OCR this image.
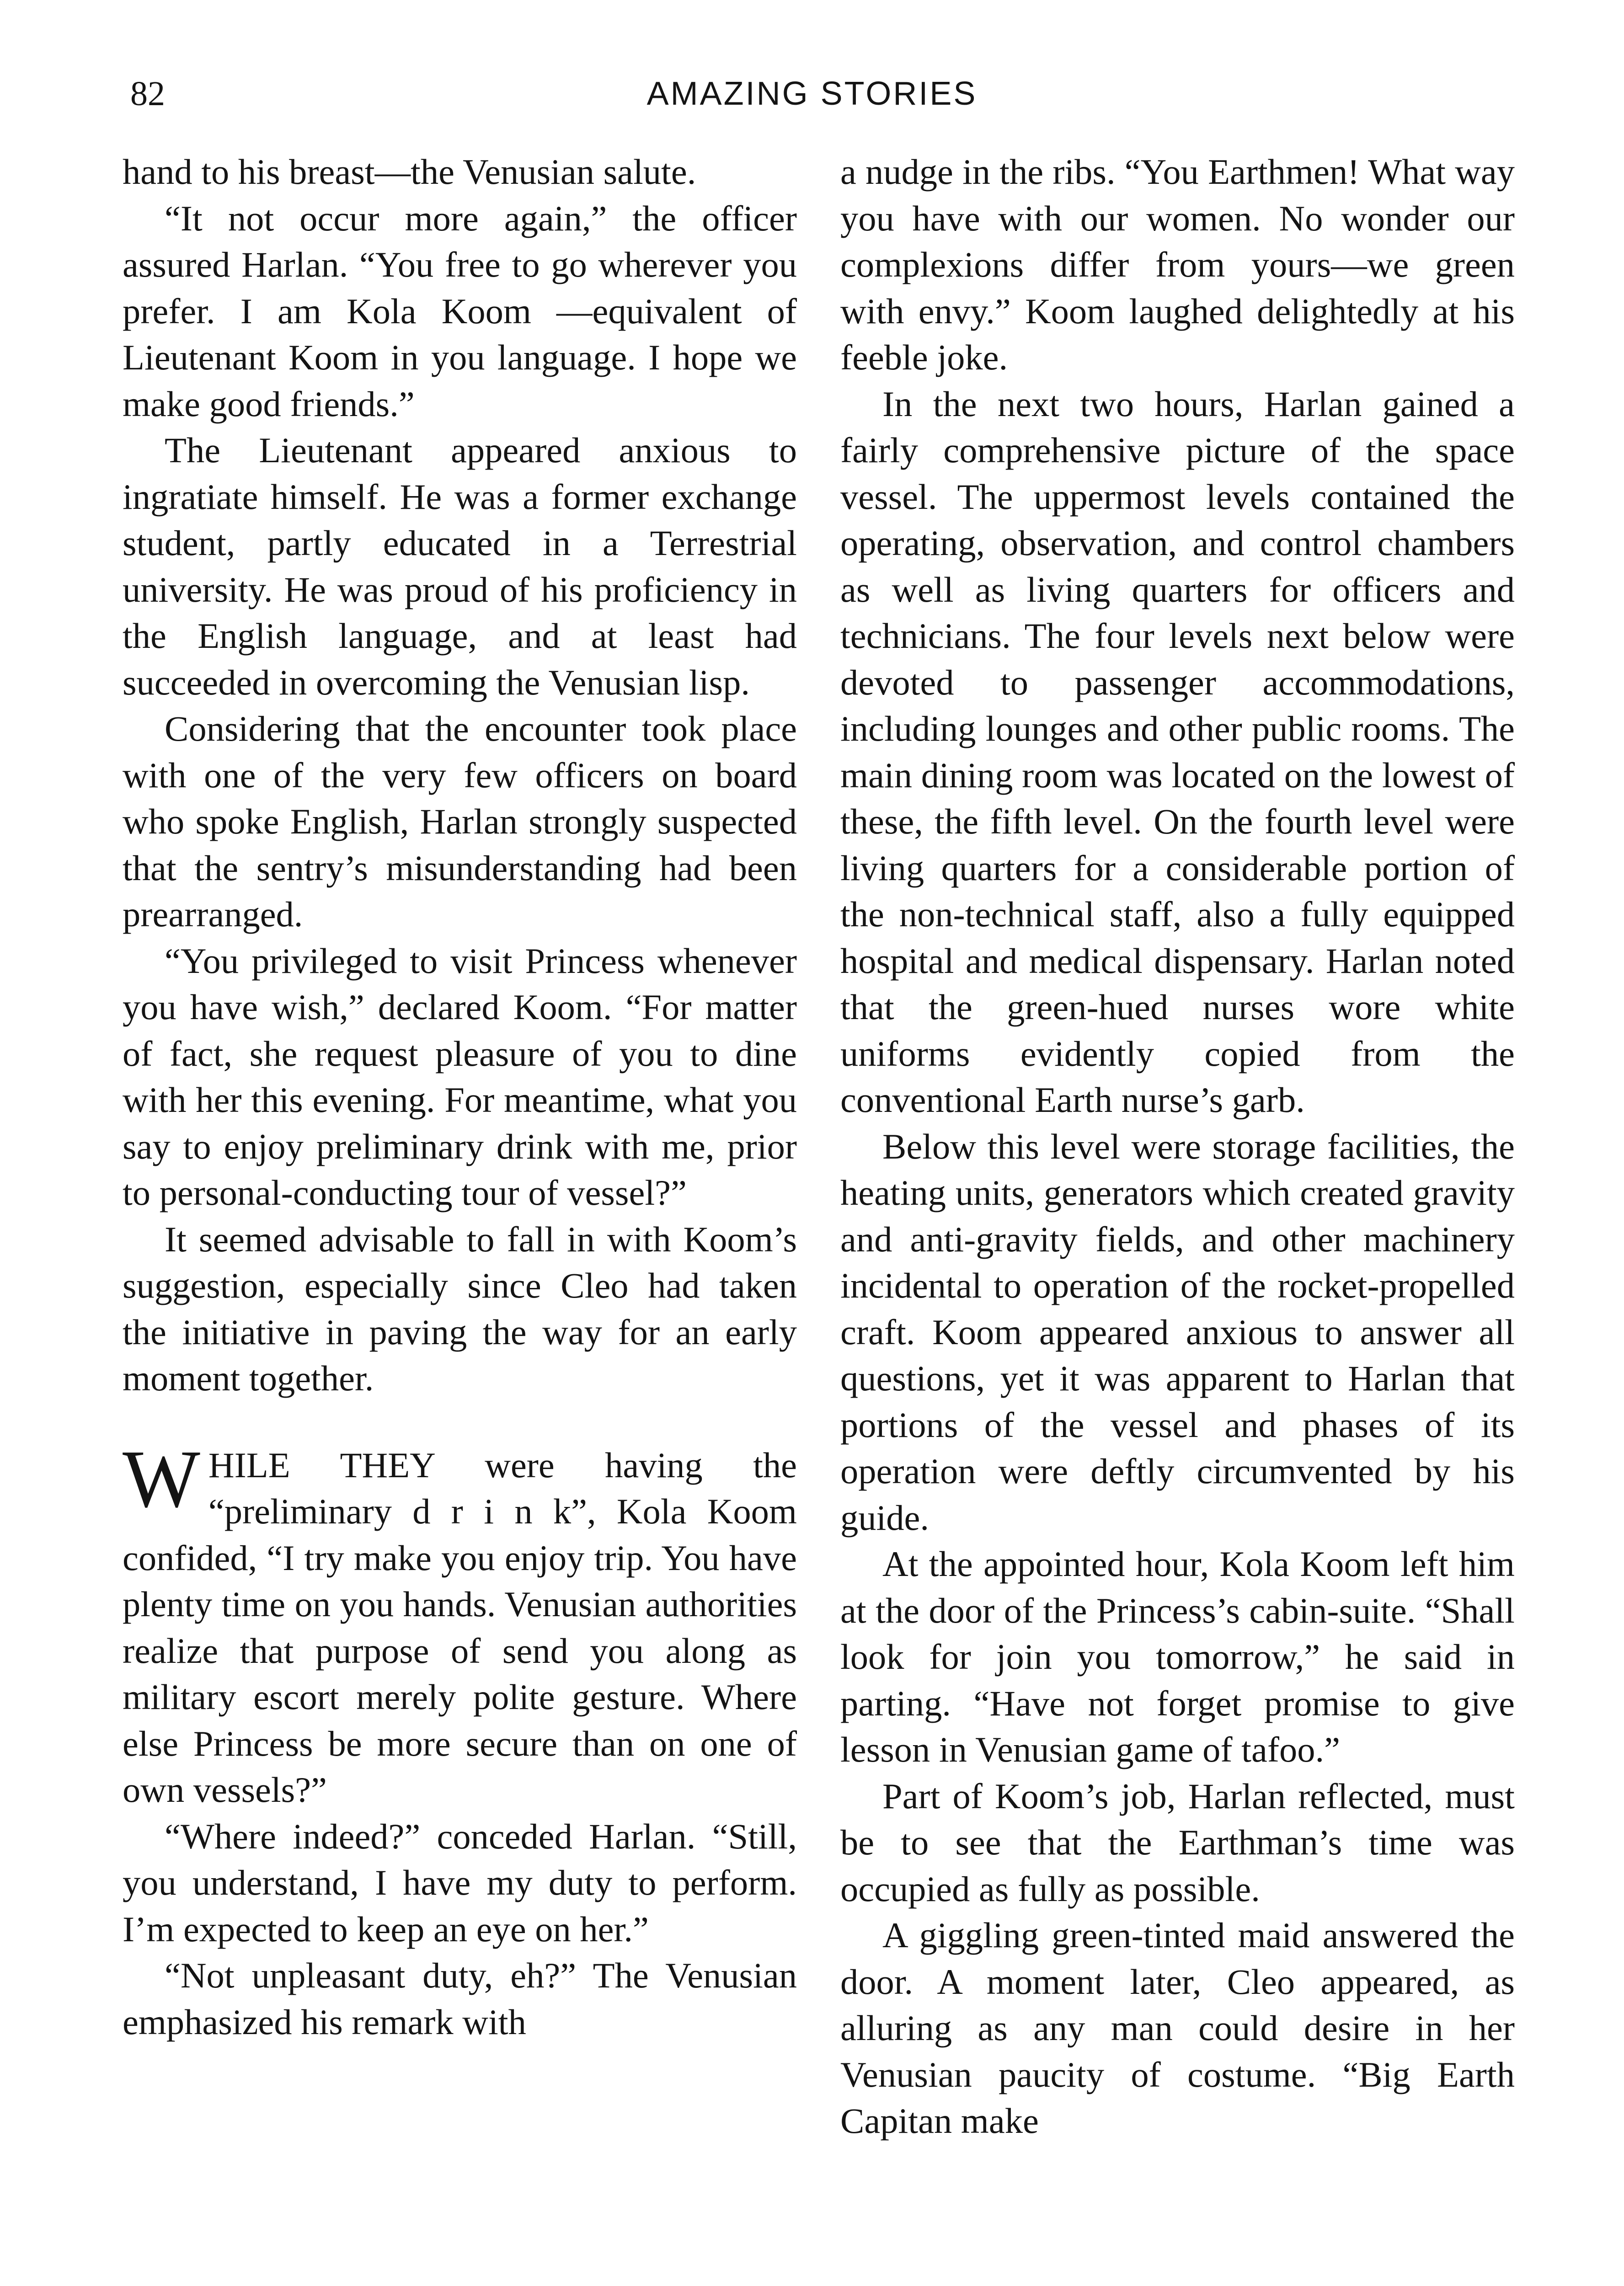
82	AMAZING STORIES

hand to his breast—the Venusian salute.

“It not occur more again,” the officer assured Harlan. “You free to go wherever you prefer. I am Kola Koom —equivalent of Lieutenant Koom in you language. I hope we make good friends.”

The Lieutenant appeared anxious to ingratiate himself. He was a former exchange student, partly educated in a Terrestrial university. He was proud of his proficiency in the English language, and at least had succeeded in overcoming the Venusian lisp.

Considering that the encounter took place with one of the very few officers on board who spoke English, Harlan strongly suspected that the sentry’s misunderstanding had been prearranged.

“You privileged to visit Princess whenever you have wish,” declared Koom. “For matter of fact, she request pleasure of you to dine with her this evening. For meantime, what you say to enjoy preliminary drink with me, prior to personal-conducting tour of vessel?”

It seemed advisable to fall in with Koom’s suggestion, especially since Cleo had taken the initiative in paving the way for an early moment together.

WHILE THEY were having the “preliminary d r i n k”, Kola Koom confided, “I try make you enjoy trip. You have plenty time on you hands. Venusian authorities realize that purpose of send you along as military escort merely polite gesture. Where else Princess be more secure than on one of own vessels?”

“Where indeed?” conceded Harlan. “Still, you understand, I have my duty to perform. I’m expected to keep an eye on her.”

“Not unpleasant duty, eh?” The Venusian emphasized his remark with

a nudge in the ribs. “You Earthmen! What way you have with our women. No wonder our complexions differ from yours—we green with envy.” Koom laughed delightedly at his feeble joke.

In the next two hours, Harlan gained a fairly comprehensive picture of the space vessel. The uppermost levels contained the operating, observation, and control chambers as well as living quarters for officers and technicians. The four levels next below were devoted to passenger accommodations, including lounges and other public rooms. The main dining room was located on the lowest of these, the fifth level. On the fourth level were living quarters for a considerable portion of the non-technical staff, also a fully equipped hospital and medical dispensary. Harlan noted that the green-hued nurses wore white uniforms evidently copied from the conventional Earth nurse’s garb.

Below this level were storage facilities, the heating units, generators which created gravity and anti-gravity fields, and other machinery incidental to operation of the rocket-propelled craft. Koom appeared anxious to answer all questions, yet it was apparent to Harlan that portions of the vessel and phases of its operation were deftly circumvented by his guide.

At the appointed hour, Kola Koom left him at the door of the Princess’s cabin-suite. “Shall look for join you tomorrow,” he said in parting. “Have not forget promise to give lesson in Venusian game of tafoo.”

Part of Koom’s job, Harlan reflected, must be to see that the Earthman’s time was occupied as fully as possible.

A giggling green-tinted maid answered the door. A moment later, Cleo appeared, as alluring as any man could desire in her Venusian paucity of costume. “Big Earth Capitan make
